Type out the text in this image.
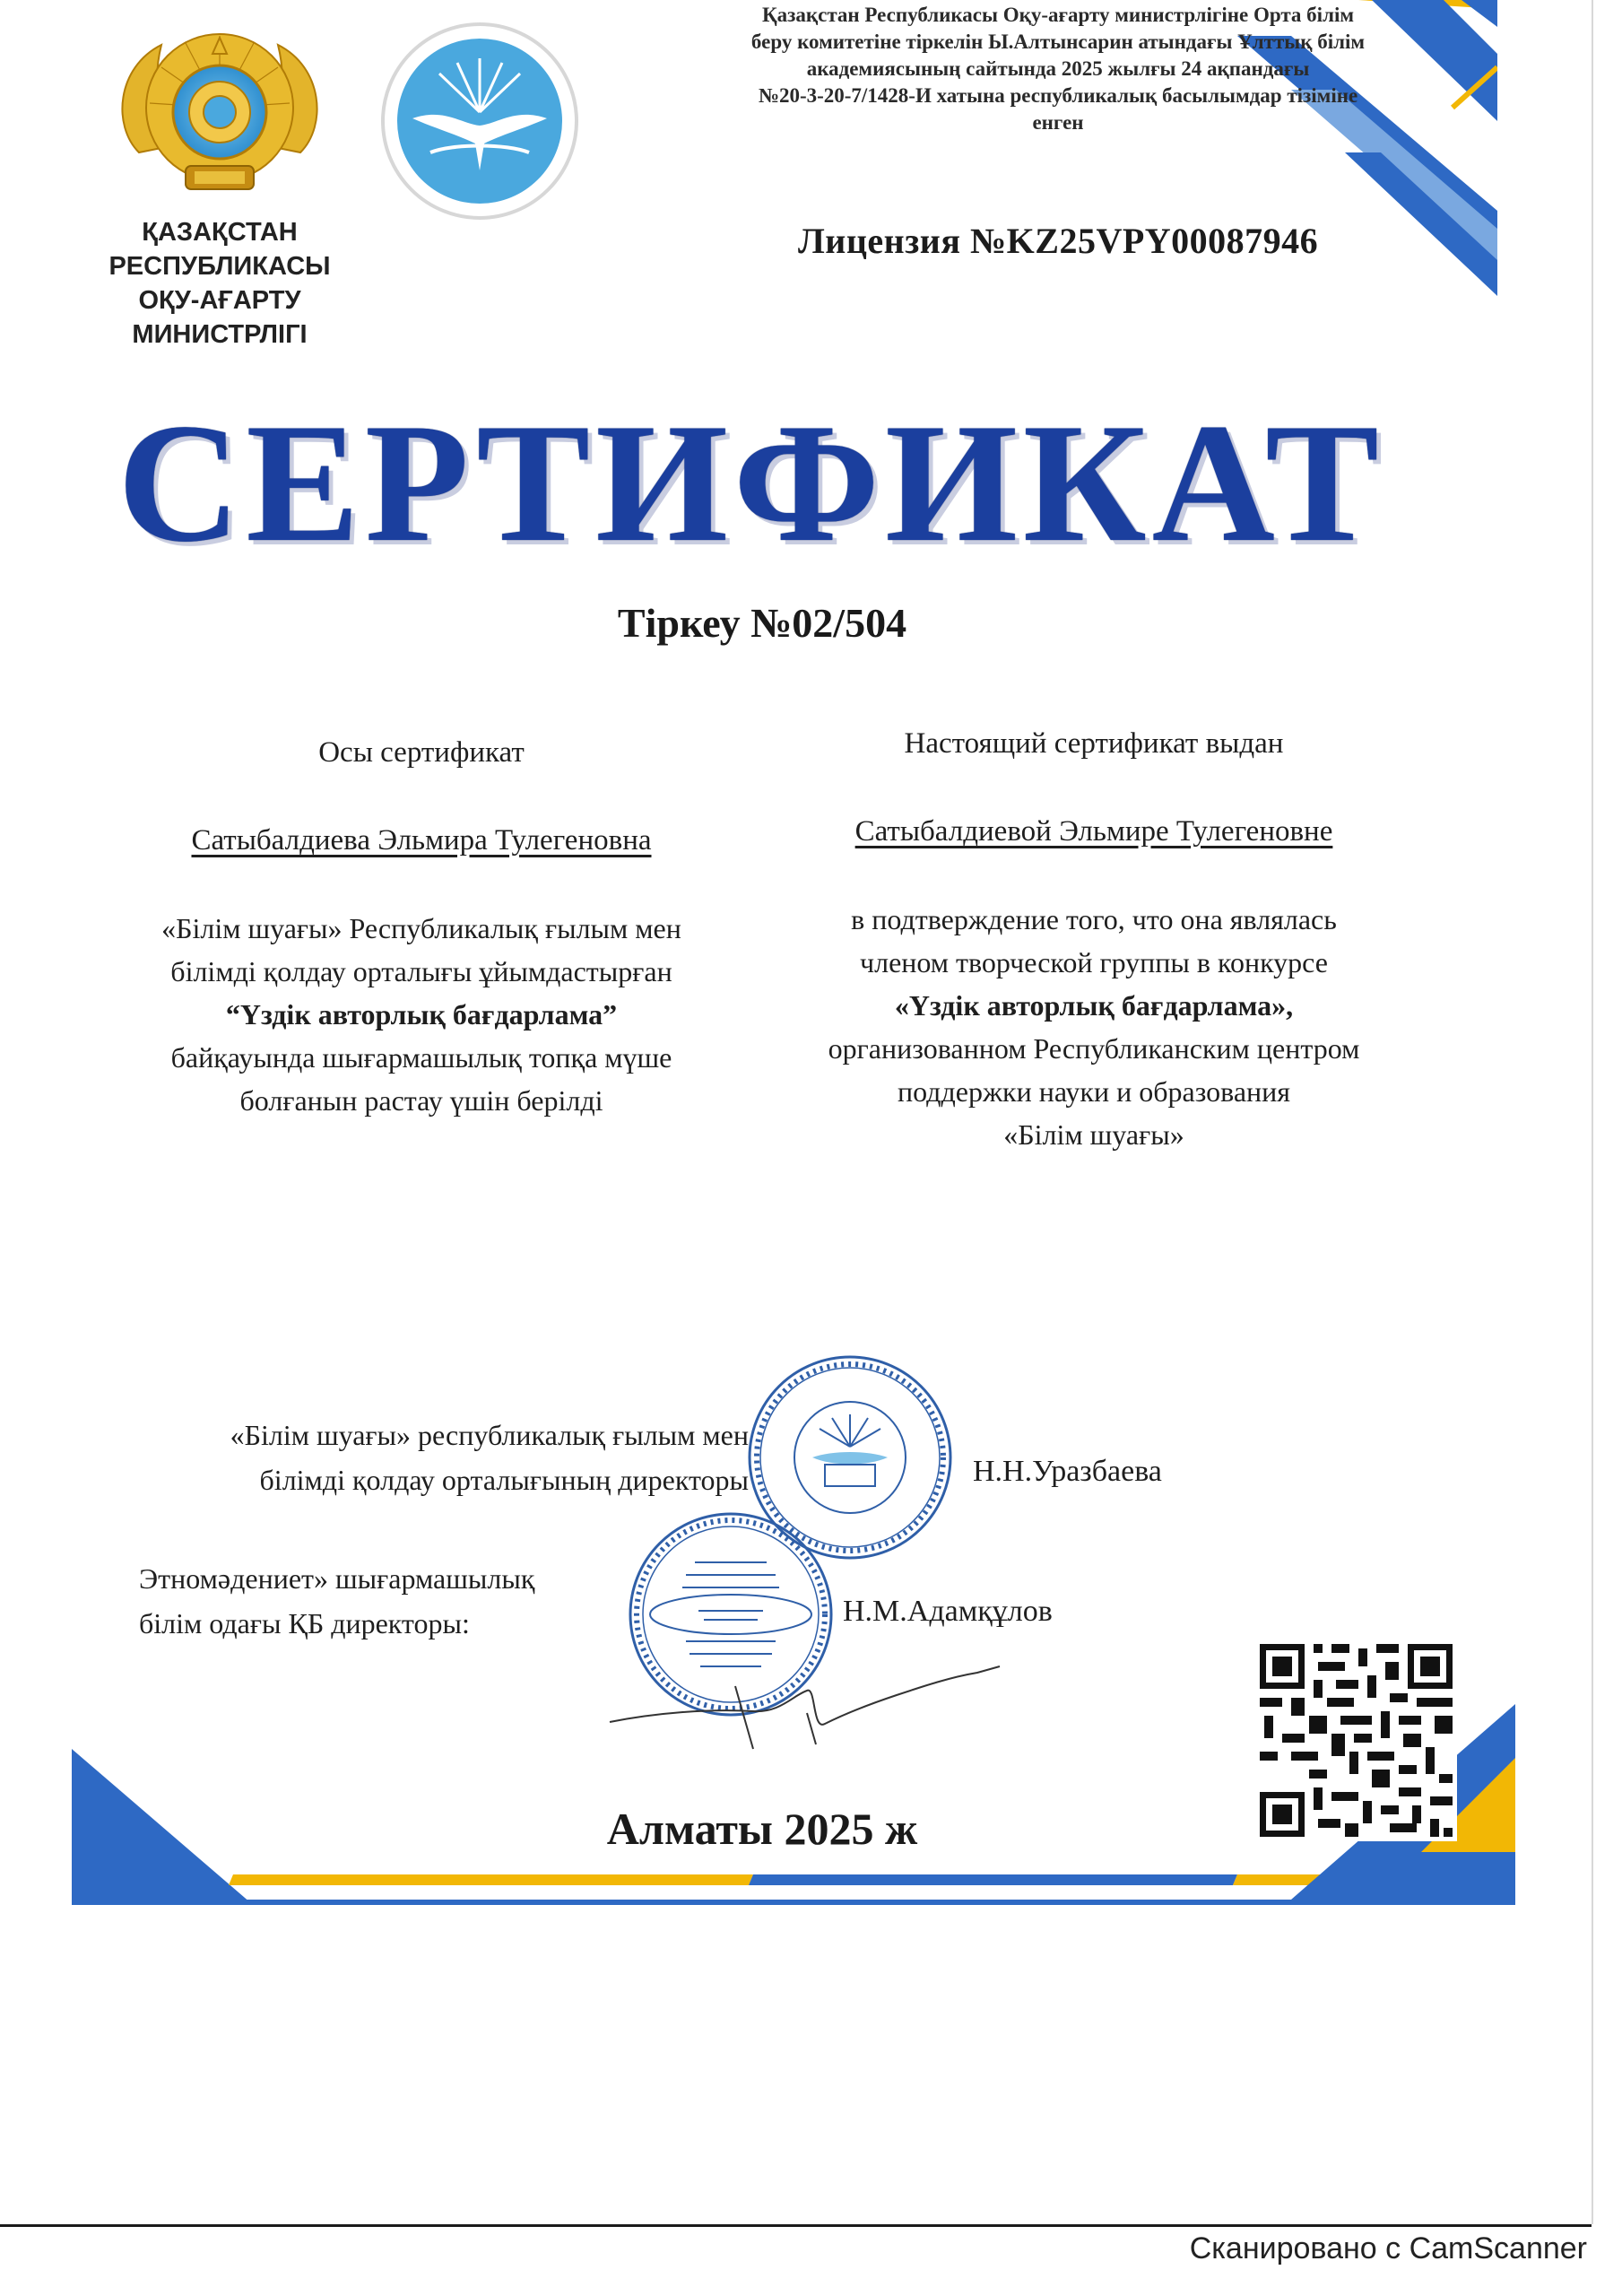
ҚАЗАҚСТАН РЕСПУБЛИКАСЫ
ОҚУ-АҒАРТУ МИНИСТРЛІГІ
Қазақстан Республикасы Оқу-ағарту министрлігіне Орта білім
беру комитетіне тіркелін Ы.Алтынсарин атындағы Ұлттық білім
академиясының сайтында 2025 жылғы 24 ақпандағы
№20-3-20-7/1428-И хатына республикалық басылымдар тізіміне
енген
Лицензия №KZ25VPY00087946
СЕРТИФИКАТ
Тіркеу №02/504
Осы сертификат
Сатыбалдиева Эльмира Тулегеновна
«Білім шуағы» Республикалық ғылым мен
білімді қолдау орталығы ұйымдастырған
“Үздік авторлық бағдарлама”
байқауында шығармашылық топқа мүше
болғанын растау үшін берілді
Настоящий сертификат выдан
Сатыбалдиевой Эльмире Тулегеновне
в подтверждение того, что она являлась
членом творческой группы в конкурсе
«Үздік авторлық бағдарлама»,
организованном Республиканским центром
поддержки науки и образования
«Білім шуағы»
«Білім шуағы» республикалық ғылым мен
білімді қолдау орталығының директоры	Н.Н.Уразбаева
Этномәдениет» шығармашылық
білім одағы ҚБ директоры:	Н.М.Адамқұлов
Алматы 2025 ж
Сканировано с CamScanner
